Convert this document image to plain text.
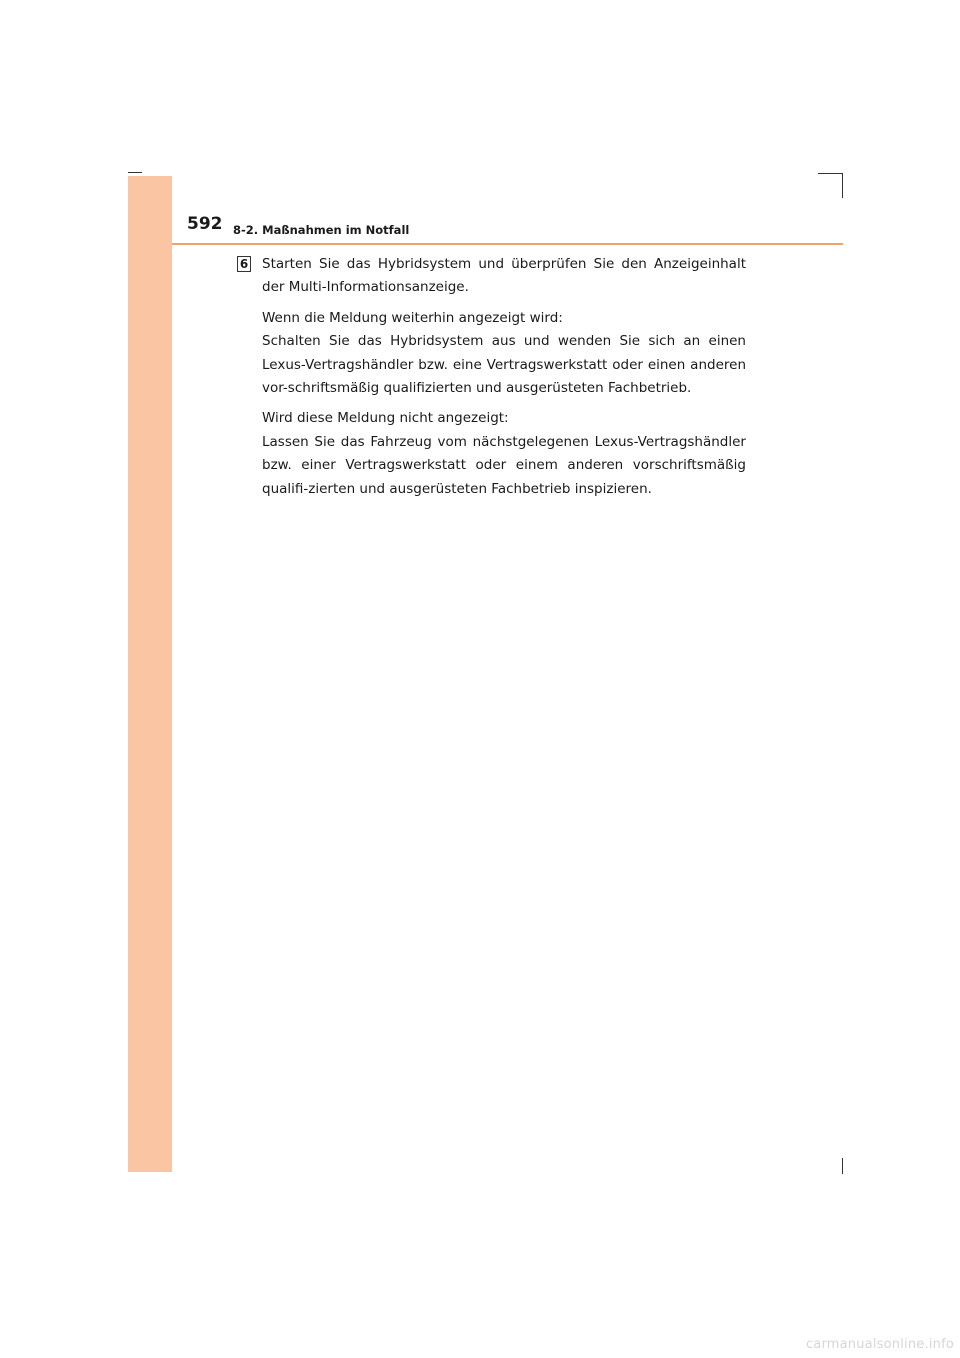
592 8-2. Maßnahmen im Notfall
6 Starten Sie das Hybridsystem und überprüfen Sie den Anzeigeinhalt der Multi-Informationsanzeige.

Wenn die Meldung weiterhin angezeigt wird:

Schalten Sie das Hybridsystem aus und wenden Sie sich an einen Lexus-Vertragshändler bzw. eine Vertragswerkstatt oder einen anderen vor-schriftsmäßig qualifizierten und ausgerüsteten Fachbetrieb.

Wird diese Meldung nicht angezeigt:

Lassen Sie das Fahrzeug vom nächstgelegenen Lexus-Vertragshändler bzw. einer Vertragswerkstatt oder einem anderen vorschriftsmäßig qualifi-zierten und ausgerüsteten Fachbetrieb inspizieren.

carmanualsonline.info
